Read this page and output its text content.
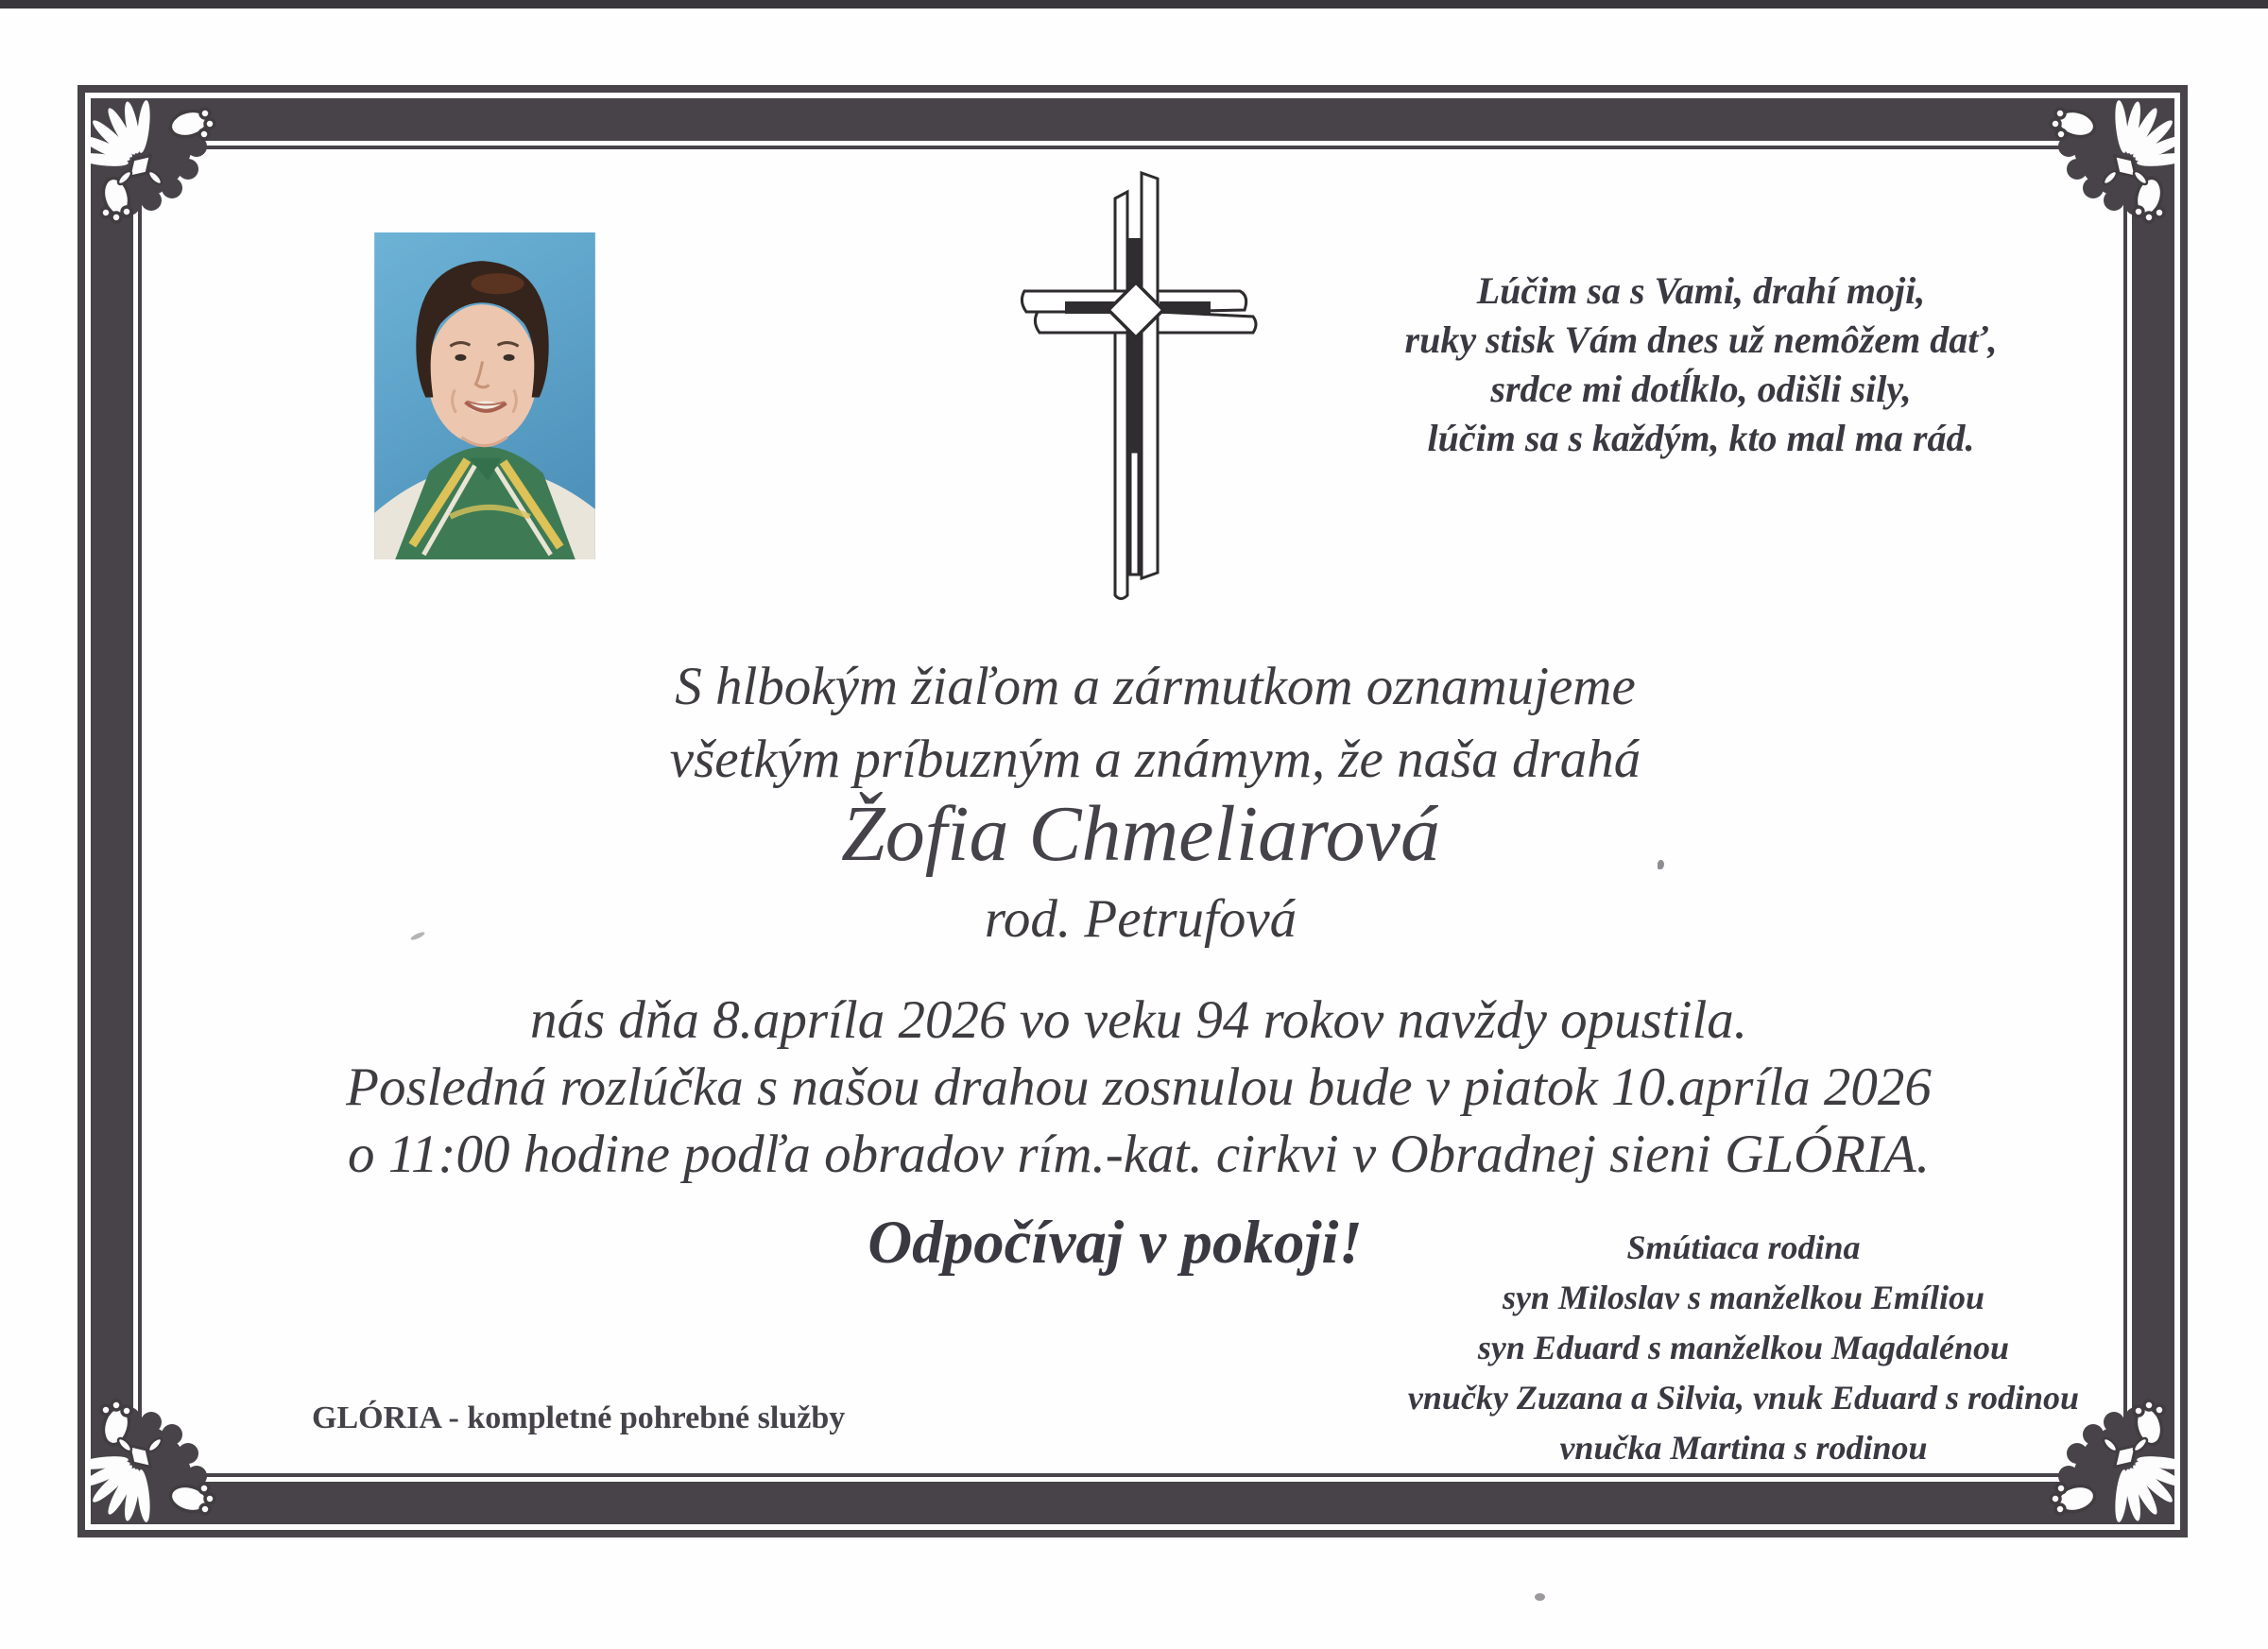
Lúčim sa s Vami, drahí moji,
ruky stisk Vám dnes už nemôžem dať,
srdce mi dotĺklo, odišli sily,
lúčim sa s každým, kto mal ma rád.
S hlbokým žiaľom a zármutkom oznamujeme
všetkým príbuzným a známym, že naša drahá
Žofia Chmeliarová
rod. Petrufová
nás dňa 8.apríla 2026 vo veku 94 rokov navždy opustila.
Posledná rozlúčka s našou drahou zosnulou bude v piatok 10.apríla 2026
o 11:00 hodine podľa obradov rím.-kat. cirkvi v Obradnej sieni GLÓRIA.
Odpočívaj v pokoji!	Smútiaca rodina
syn Miloslav s manželkou Emíliou
syn Eduard s manželkou Magdalénou
vnučky Zuzana a Silvia, vnuk Eduard s rodinou
vnučka Martina s rodinou
GLÓRIA - kompletné pohrebné služby
